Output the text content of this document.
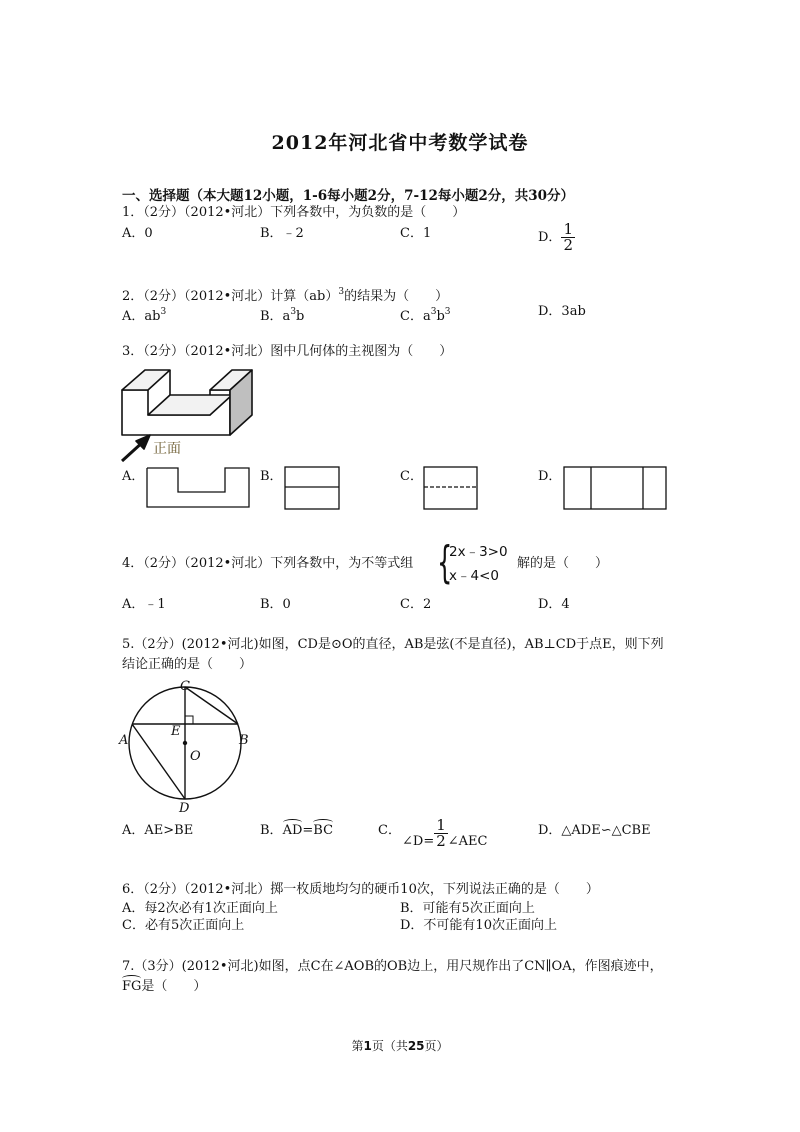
2012年河北省中考数学试卷
一、选择题（本大题12小题，1-6每小题2分，7-12每小题2分，共30分）
1．（2分）（2012•河北）下列各数中，为负数的是（　　）
A．0	B．﹣2	C．1	D． $\frac{1}{2}$
2．（2分）（2012•河北）计算（ab）$^3$的结果为（　　）
A．$ab^3$	B．$a^3b$	C．$a^3b^3$	D．3ab
3．（2分）（2012•河北）图中几何体的主视图为（　　）
正面
A．	B．	C．	D．
4．（2分）（2012•河北）下列各数中，为不等式组 {
2x﹣3>0
x﹣4<0
解的是（　　）
A．﹣1	B．0	C．2	D．4
5.（2分）(2012•河北)如图，CD是⊙O的直径，AB是弦(不是直径)，AB⊥CD于点E，则下列
结论正确的是（　　）
C
A
E
O
B
D
A．AE>BE	B．AD=BC	C．
∠D= $\frac{1}{2}$ ∠AEC
D．△ADE∽△CBE
6．（2分）（2012•河北）掷一枚质地均匀的硬币10次，下列说法正确的是（　　）
A．每2次必有1次正面向上	B．可能有5次正面向上
C．必有5次正面向上	D．不可能有10次正面向上
7.（3分）(2012•河北)如图，点C在∠AOB的OB边上，用尺规作出了CN∥OA，作图痕迹中，
FG是（　　）
第1页（共25页）
